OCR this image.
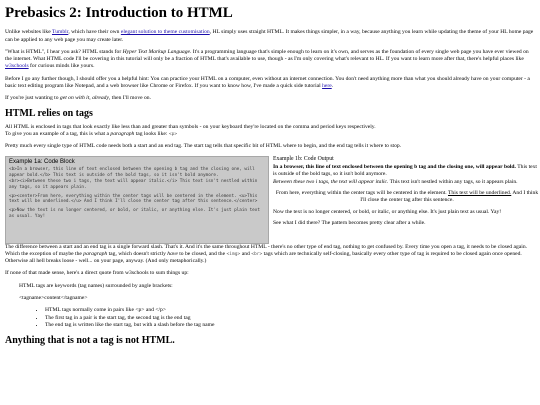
Prebasics 2: Introduction to HTML

Unlike websites like Tumblr, which have their own elegant solution to theme customisation, HL simply uses straight HTML. It makes things simpler, in a way, because anything you learn while updating the theme of your HL home page can be applied to any web page you may create later.

"What is HTML", I hear you ask? HTML stands for Hyper Text Markup Language. It's a programming language that's simple enough to learn on it's own, and serves as the foundation of every single web page you have ever viewed on the internet. What HTML code I'll be covering in this tutorial will only be a fraction of HTML that's available to use, though - as I'm only covering what's relevant to HL. If you want to learn more after that, there's helpful places like w3schools for curious minds like yours.

Before I go any further though, I should offer you a helpful hint: You can practice your HTML on a computer, even without an internet connection. You don't need anything more than what you should already have on your computer - a basic text editing program like Notepad, and a web browser like Chrome or Firefox. If you want to know how, I've made a quick side tutorial here.

If you're just wanting to get on with it, already, then I'll move on.

HTML relies on tags

All HTML is enclosed in tags that look exactly like less than and greater than symbols - on your keyboard they're located on the comma and period keys respectively.
To give you an example of a tag, this is what a paragraph tag looks like: <p>

Pretty much every single type of HTML code needs both a start and an end tag. The start tag tells that specific bit of HTML where to begin, and the end tag tells it where to stop.

Example 1a: Code Block

<b>In a browser, this line of text enclosed between the opening b tag and the closing one, will appear bold.</b> This text is outside of the bold tags, so it isn't bold anymore.
<br><i>Between these two i tags, the text will appear italic.</i> This text isn't nestled within any tags, so it appears plain.

<p><center>From here, everything within the center tags will be centered in the element. <u>This text will be underlined.</u> And I think I'll close the center tag after this sentence.</center>

<p>Now the text is no longer centered, or bold, or italic, or anything else. It's just plain text as usual. Yay!

Example 1b: Code Output

In a browser, this line of text enclosed between the opening b tag and the closing one, will appear bold. This text is outside of the bold tags, so it isn't bold anymore.
Between these two i tags, the text will appear italic. This text isn't nestled within any tags, so it appears plain.

From here, everything within the center tags will be centered in the element. This text will be underlined. And I think I'll close the center tag after this sentence.

Now the text is no longer centered, or bold, or italic, or anything else. It's just plain text as usual. Yay!

See what I did there? The pattern becomes pretty clear after a while.

The difference between a start and an end tag is a single forward slash. That's it. And it's the same throughout HTML - there's no other type of end tag, nothing to get confused by. Every time you open a tag, it needs to be closed again. Which the exception of maybe the paragraph tag, which doesn't strictly have to be closed, and the <img> and <br> tags which are technically self-closing, basically every other type of tag is required to be closed again once opened. Otherwise all hell breaks loose - well... on your page, anyway. (And only metaphorically.)

If none of that made sense, here's a direct quote from w3schools to sum things up:

HTML tags are keywords (tag names) surrounded by angle brackets:

<tagname>content</tagname>

• HTML tags normally come in pairs like <p> and </p>
• The first tag in a pair is the start tag, the second tag is the end tag
• The end tag is written like the start tag, but with a slash before the tag name
Anything that is not a tag is not HTML.
